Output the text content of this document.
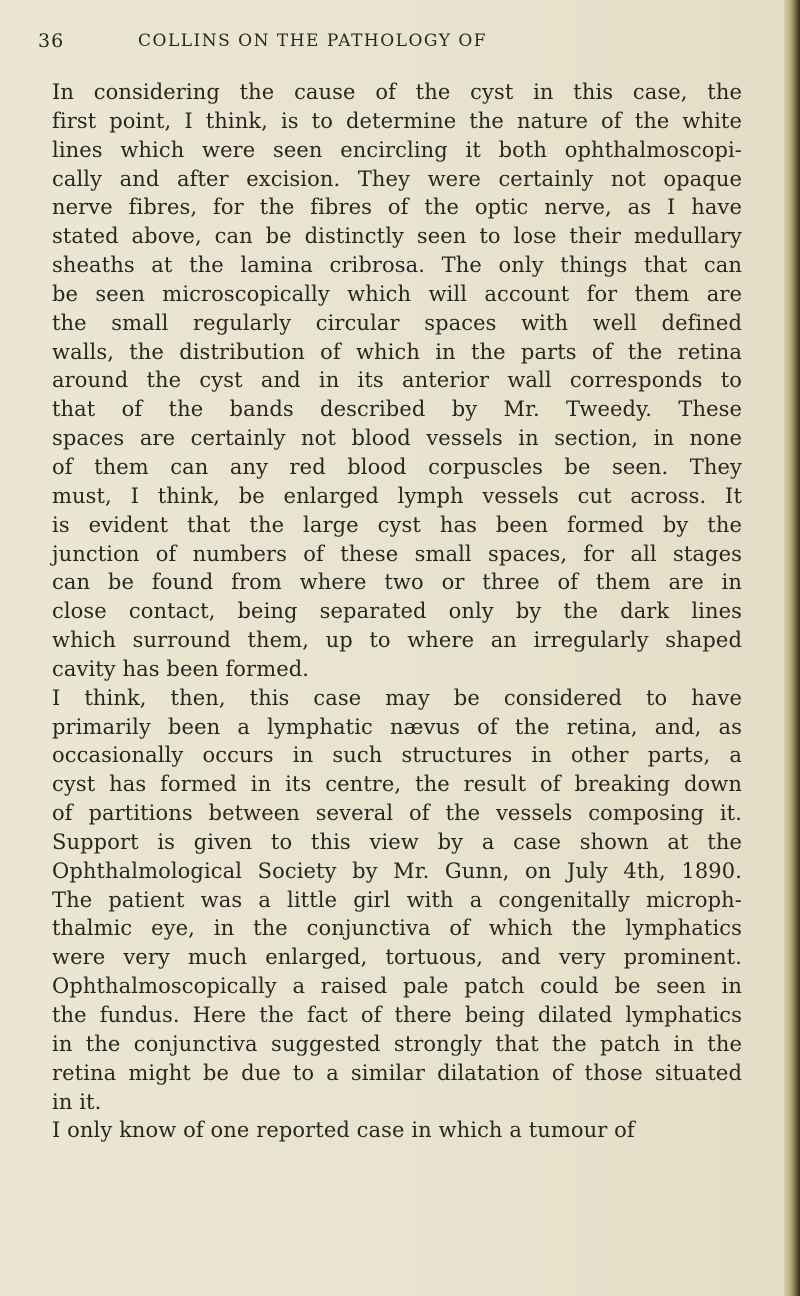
36	COLLINS ON THE PATHOLOGY OF
In considering the cause of the cyst in this case, the
first point, I think, is to determine the nature of the white
lines which were seen encircling it both ophthalmoscopi-
cally and after excision. They were certainly not opaque
nerve fibres, for the fibres of the optic nerve, as I have
stated above, can be distinctly seen to lose their medullary
sheaths at the lamina cribrosa. The only things that can
be seen microscopically which will account for them are
the small regularly circular spaces with well defined
walls, the distribution of which in the parts of the retina
around the cyst and in its anterior wall corresponds to
that of the bands described by Mr. Tweedy. These
spaces are certainly not blood vessels in section, in none
of them can any red blood corpuscles be seen. They
must, I think, be enlarged lymph vessels cut across. It
is evident that the large cyst has been formed by the
junction of numbers of these small spaces, for all stages
can be found from where two or three of them are in
close contact, being separated only by the dark lines
which surround them, up to where an irregularly shaped
cavity has been formed.
I think, then, this case may be considered to have
primarily been a lymphatic nævus of the retina, and, as
occasionally occurs in such structures in other parts, a
cyst has formed in its centre, the result of breaking down
of partitions between several of the vessels composing it.
Support is given to this view by a case shown at the
Ophthalmological Society by Mr. Gunn, on July 4th, 1890.
The patient was a little girl with a congenitally microph-
thalmic eye, in the conjunctiva of which the lymphatics
were very much enlarged, tortuous, and very prominent.
Ophthalmoscopically a raised pale patch could be seen in
the fundus. Here the fact of there being dilated lymphatics
in the conjunctiva suggested strongly that the patch in the
retina might be due to a similar dilatation of those situated
in it.
I only know of one reported case in which a tumour of
